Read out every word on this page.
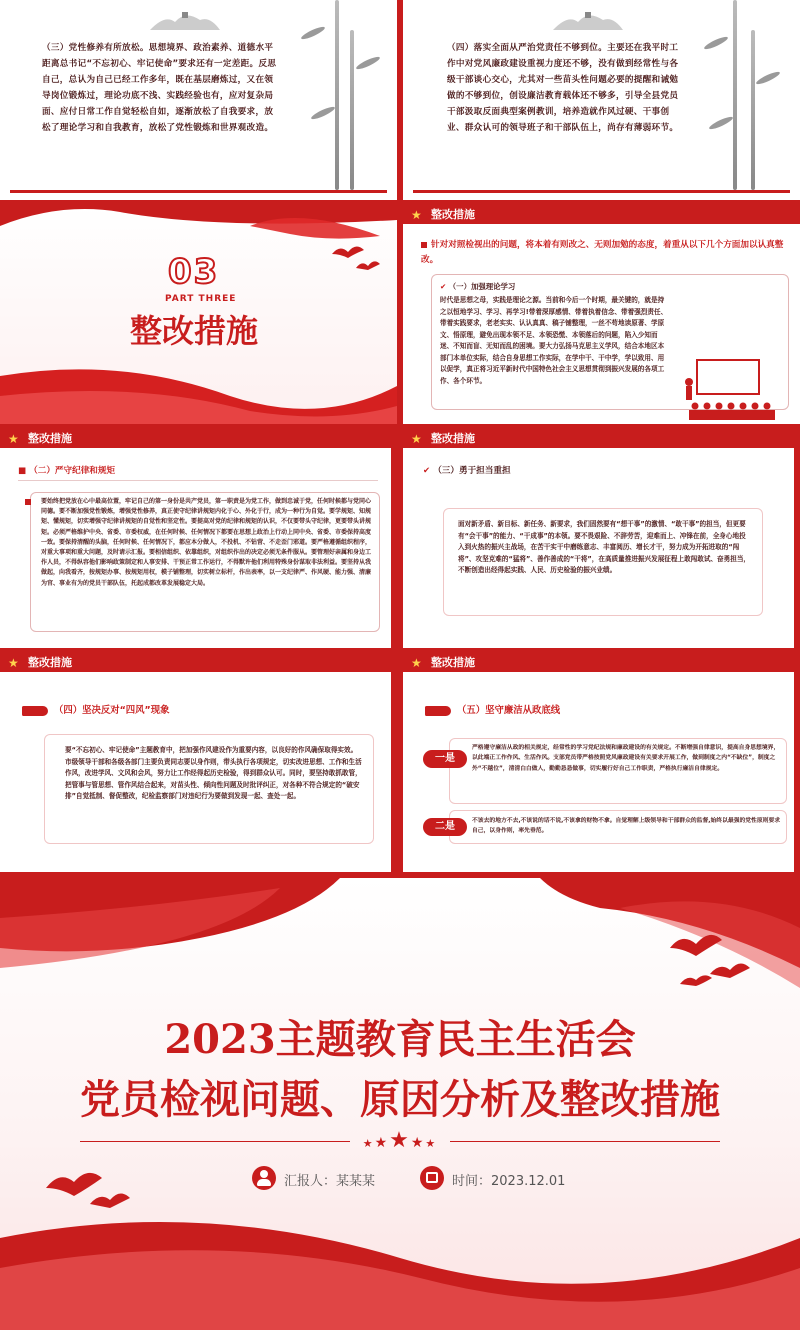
（三）党性修养有所放松。思想境界、政治素养、道德水平距离总书记“不忘初心、牢记使命”要求还有一定差距。反思自己，总认为自己已经工作多年，既在基层磨炼过，又在领导岗位锻炼过，理论功底不浅、实践经验也有，应对复杂局面、应付日常工作自觉轻松自如，逐渐放松了自我要求，放松了理论学习和自我教育，放松了党性锻炼和世界观改造。
（四）落实全面从严治党责任不够到位。主要还在我平时工作中对党风廉政建设重视力度还不够，没有做到经常性与各级干部谈心交心，尤其对一些苗头性问题必要的提醒和诫勉做的不够到位，创设廉洁教育载体还不够多，引导全县党员干部汲取反面典型案例教训，培养造就作风过硬、干事创业、群众认可的领导班子和干部队伍上，尚存有薄弱环节。
03
PART THREE
整改措施
★ 整改措施
针对对照检视出的问题，将本着有则改之、无则加勉的态度，着重从以下几个方面加以认真整改。
✔ （一）加强理论学习
时代是思想之母，实践是理论之源。当前和今后一个时期，最关键的，就是持之以恒地学习、学习、再学习!带着深厚感情、带着执着信念、带着强烈责任、带着实践要求，老老实实、认认真真、稿子铺整理，一丝不苟地读原著、学原文、悟原理，避免出现本领不足、本领恐慌、本领落后的问题，陷入少知而迷、不知而盲、无知而乱的困境。要大力弘扬马克思主义学风，结合本地区本部门本单位实际，结合自身思想工作实际，在学中干、干中学，学以致用、用以促学，真正将习近平新时代中国特色社会主义思想贯彻到振兴发展的各项工作、各个环节。
★ 整改措施
■ （二）严守纪律和规矩
要始终把党放在心中最高位置，牢记自己的第一身份是共产党员，第一职责是为党工作，做到忠诚于党，任何时候都与党同心同德。要不断加强党性锻炼，增强党性修养，真正使守纪律讲规矩内化于心、外化于行，成为一种行为自觉。要学规矩、知规矩、懂规矩，切实增强守纪律讲规矩的自觉性和坚定性。要提高对党的纪律和规矩的认识，不仅要带头守纪律，更要带头讲规矩。必须严格维护中央、省委、市委权威，在任何时候、任何情况下都要在思想上政治上行动上同中央、省委、市委保持高度一致。要保持清醒的头脑，任何时候、任何情况下，都应本分做人，不投机、不钻营、不走歪门邪道。要严格遵循组织程序，对重大事项和重大问题，及时请示汇报。要相信组织、依靠组织，对组织作出的决定必须无条件服从。要管理好亲属和身边工作人员，不得纵容他们影响政策制定和人事安排、干预正常工作运行，不得默许他们利用特殊身份谋取非法利益。要坚持从我做起，向我看齐，按规矩办事、按规矩用权，模子铺整理，切实树立标杆，作出表率，以一支纪律严、作风硬、能力强、清廉为官、事业有为的党员干部队伍，托起成都改革发展稳定大局。
★ 整改措施
✔ （三）勇于担当重担
面对新矛盾、新目标、新任务、新要求，我们固然要有“想干事”的激情、“敢干事”的担当，但更要有“会干事”的能力、“干成事”的本领。要不畏艰险、不辞劳苦，迎难而上、冲锋在前，全身心地投入到火热的振兴主战场，在苦干实干中磨练意志、丰富阅历、增长才干，努力成为开拓进取的“闯将”、攻坚克难的“猛将”、善作善成的“干将”，在高质量推进振兴发展征程上敢闯敢试、奋勇担当，不断创造出经得起实践、人民、历史检验的振兴业绩。
★ 整改措施
（四）坚决反对“四风”现象
要“不忘初心、牢记使命”主题教育中，把加强作风建设作为重要内容，以良好的作风确保取得实效。市级领导干部和各级各部门主要负责同志要以身作则，带头执行各项规定，切实改进思想、工作和生活作风，改进学风、文风和会风，努力让工作经得起历史检验，得到群众认可。同时，要坚持敢抓敢管，把管事与管思想、管作风结合起来，对苗头性、倾向性问题及时批评纠正，对各种不符合规定的“破安排”自觉抵制、督促整改，纪检监察部门对违纪行为要做到发现一起、查处一起。
★ 整改措施
（五）坚守廉洁从政底线
严格遵守廉洁从政的相关规定，经常性的学习党纪法规和廉政建设的有关规定。不断增强自律意识，提高自身思想境界，以此端正工作作风、生活作风。支部党员带严格按照党风廉政建设有关要求开展工作，做到制度之内“不缺位”，制度之外“不越位”，清清白白做人，勤勤恳恳做事，切实履行好自己工作职责，严格执行廉洁自律规定。
一是
不该去的地方不去,不该说的话不说,不该拿的财物不拿。自觉理解上级领导和干部群众的监督,始终以最强的党性原则要求自己，以身作则，率先垂范。
二是
2023主题教育民主生活会
党员检视问题、原因分析及整改措施
★★★★★
汇报人：某某某	时间：2023.12.01
